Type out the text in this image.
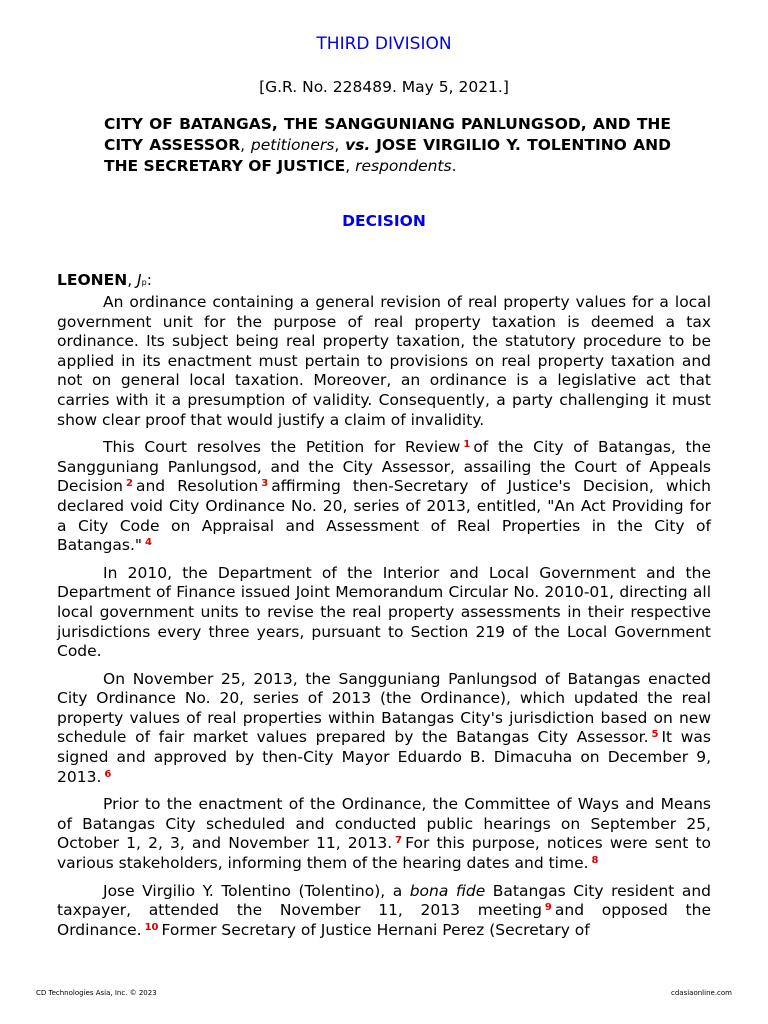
THIRD DIVISION
[G.R. No. 228489. May 5, 2021.]
CITY OF BATANGAS, THE SANGGUNIANG PANLUNGSOD, AND THE CITY ASSESSOR, petitioners, vs. JOSE VIRGILIO Y. TOLENTINO AND THE SECRETARY OF JUSTICE, respondents.
DECISION
LEONEN, Jp:

An ordinance containing a general revision of real property values for a local government unit for the purpose of real property taxation is deemed a tax ordinance. Its subject being real property taxation, the statutory procedure to be applied in its enactment must pertain to provisions on real property taxation and not on general local taxation. Moreover, an ordinance is a legislative act that carries with it a presumption of validity. Consequently, a party challenging it must show clear proof that would justify a claim of invalidity.

This Court resolves the Petition for Review $^1$ of the City of Batangas, the Sangguniang Panlungsod, and the City Assessor, assailing the Court of Appeals Decision $^2$ and Resolution $^3$ affirming then-Secretary of Justice's Decision, which declared void City Ordinance No. 20, series of 2013, entitled, "An Act Providing for a City Code on Appraisal and Assessment of Real Properties in the City of Batangas." $^4$

In 2010, the Department of the Interior and Local Government and the Department of Finance issued Joint Memorandum Circular No. 2010-01, directing all local government units to revise the real property assessments in their respective jurisdictions every three years, pursuant to Section 219 of the Local Government Code.

On November 25, 2013, the Sangguniang Panlungsod of Batangas enacted City Ordinance No. 20, series of 2013 (the Ordinance), which updated the real property values of real properties within Batangas City's jurisdiction based on new schedule of fair market values prepared by the Batangas City Assessor. $^5$ It was signed and approved by then-City Mayor Eduardo B. Dimacuha on December 9, 2013. $^6$

Prior to the enactment of the Ordinance, the Committee of Ways and Means of Batangas City scheduled and conducted public hearings on September 25, October 1, 2, 3, and November 11, 2013. $^7$ For this purpose, notices were sent to various stakeholders, informing them of the hearing dates and time. $^8$

Jose Virgilio Y. Tolentino (Tolentino), a bona fide Batangas City resident and taxpayer, attended the November 11, 2013 meeting $^9$ and opposed the Ordinance. $^{10}$ Former Secretary of Justice Hernani Perez (Secretary of

CD Technologies Asia, Inc. © 2023	cdasiaonline.com
